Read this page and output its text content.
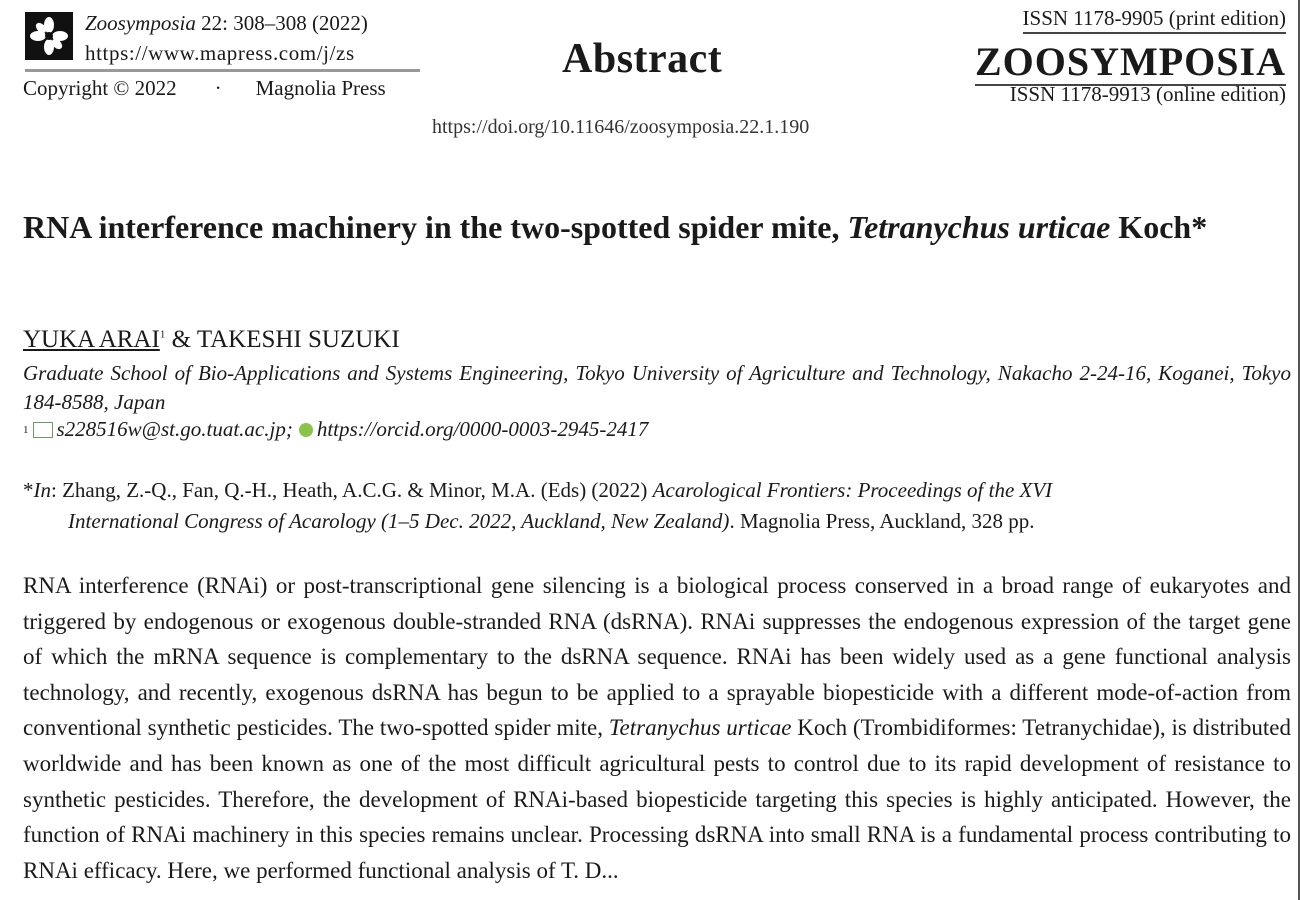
Zoosymposia 22: 308–308 (2022)
https://www.mapress.com/j/zs
Copyright © 2022 · Magnolia Press
Abstract
https://doi.org/10.11646/zoosymposia.22.1.190
ISSN 1178-9905 (print edition)
ZOOSYMPOSIA
ISSN 1178-9913 (online edition)
RNA interference machinery in the two-spotted spider mite, Tetranychus urticae Koch*
YUKA ARAI$^1$ & TAKESHI SUZUKI
Graduate School of Bio-Applications and Systems Engineering, Tokyo University of Agriculture and Technology, Nakacho 2-24-16, Koganei, Tokyo 184-8588, Japan
1 s228516w@st.go.tuat.ac.jp; https://orcid.org/0000-0003-2945-2417
*In: Zhang, Z.-Q., Fan, Q.-H., Heath, A.C.G. & Minor, M.A. (Eds) (2022) Acarological Frontiers: Proceedings of the XVI
International Congress of Acarology (1–5 Dec. 2022, Auckland, New Zealand). Magnolia Press, Auckland, 328 pp.

RNA interference (RNAi) or post-transcriptional gene silencing is a biological process conserved in a broad range of eukaryotes and triggered by endogenous or exogenous double-stranded RNA (dsRNA). RNAi suppresses the endogenous expression of the target gene of which the mRNA sequence is complementary to the dsRNA sequence. RNAi has been widely used as a gene functional analysis technology, and recently, exogenous dsRNA has begun to be applied to a sprayable biopesticide with a different mode-of-action from conventional synthetic pesticides. The two-spotted spider mite, Tetranychus urticae Koch (Trombidiformes: Tetranychidae), is distributed worldwide and has been known as one of the most difficult agricultural pests to control due to its rapid development of resistance to synthetic pesticides. Therefore, the development of RNAi-based biopesticide targeting this species is highly anticipated. However, the function of RNAi machinery in this species remains unclear. Processing dsRNA into small RNA is a fundamental process contributing to RNAi efficacy. Here, we performed functional analysis of T. D...
